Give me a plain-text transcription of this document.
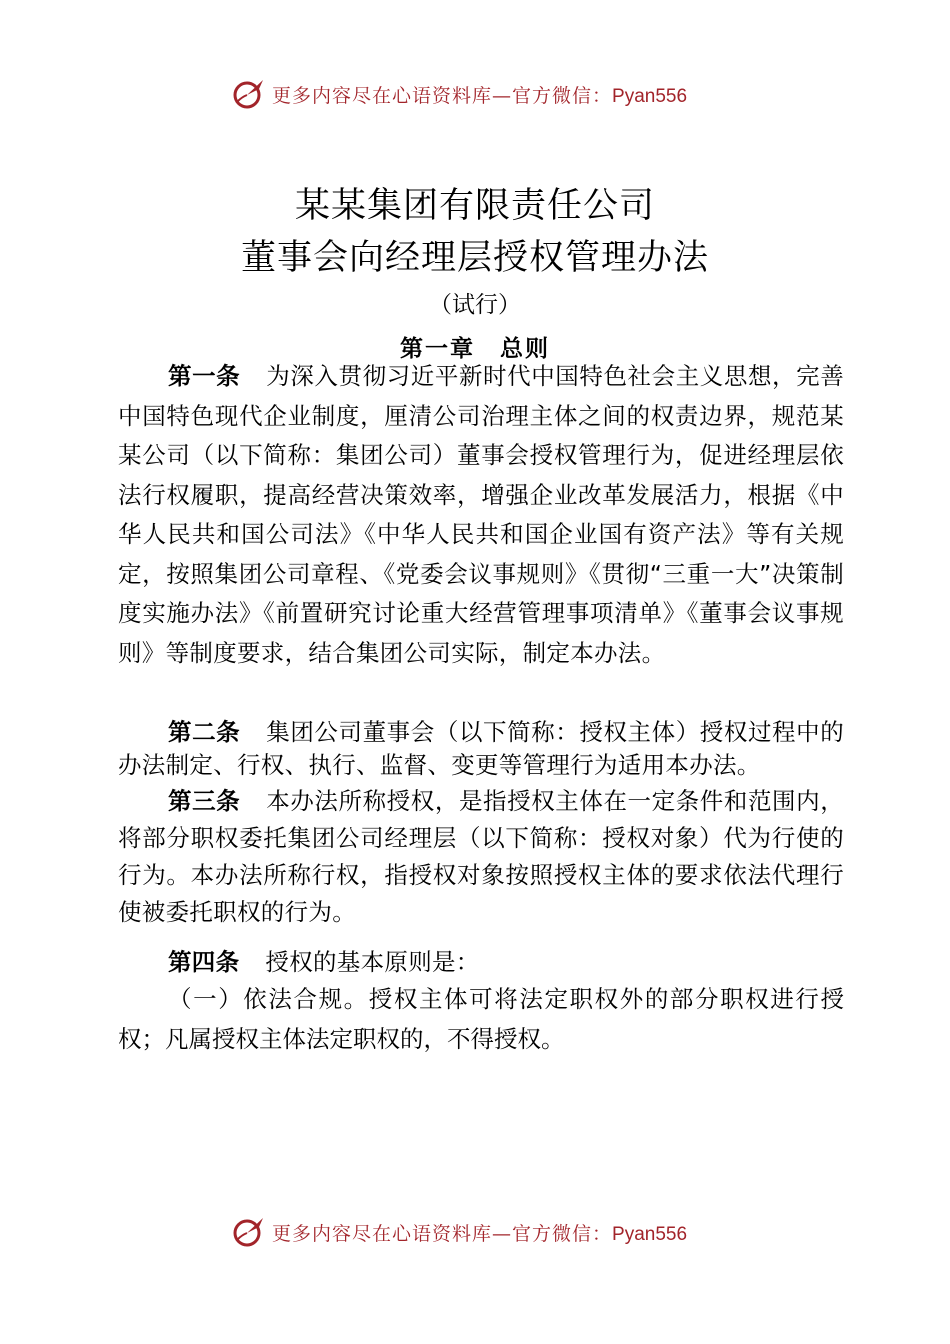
更多内容尽在心语资料库—官方微信：Pyan556
某某集团有限责任公司
董事会向经理层授权管理办法
（试行）
第一章　总则
第一条 为深入贯彻习近平新时代中国特色社会主义思想，完善中国特色现代企业制度，厘清公司治理主体之间的权责边界，规范某某公司（以下简称：集团公司）董事会授权管理行为，促进经理层依法行权履职，提高经营决策效率，增强企业改革发展活力，根据《中华人民共和国公司法》《中华人民共和国企业国有资产法》等有关规定，按照集团公司章程、《党委会议事规则》《贯彻“三重一大”决策制度实施办法》《前置研究讨论重大经营管理事项清单》《董事会议事规则》等制度要求，结合集团公司实际，制定本办法。
第二条 集团公司董事会（以下简称：授权主体）授权过程中的办法制定、行权、执行、监督、变更等管理行为适用本办法。
第三条 本办法所称授权，是指授权主体在一定条件和范围内，将部分职权委托集团公司经理层（以下简称：授权对象）代为行使的行为。本办法所称行权，指授权对象按照授权主体的要求依法代理行使被委托职权的行为。
第四条 授权的基本原则是：
（一）依法合规。授权主体可将法定职权外的部分职权进行授权；凡属授权主体法定职权的，不得授权。
更多内容尽在心语资料库—官方微信：Pyan556
